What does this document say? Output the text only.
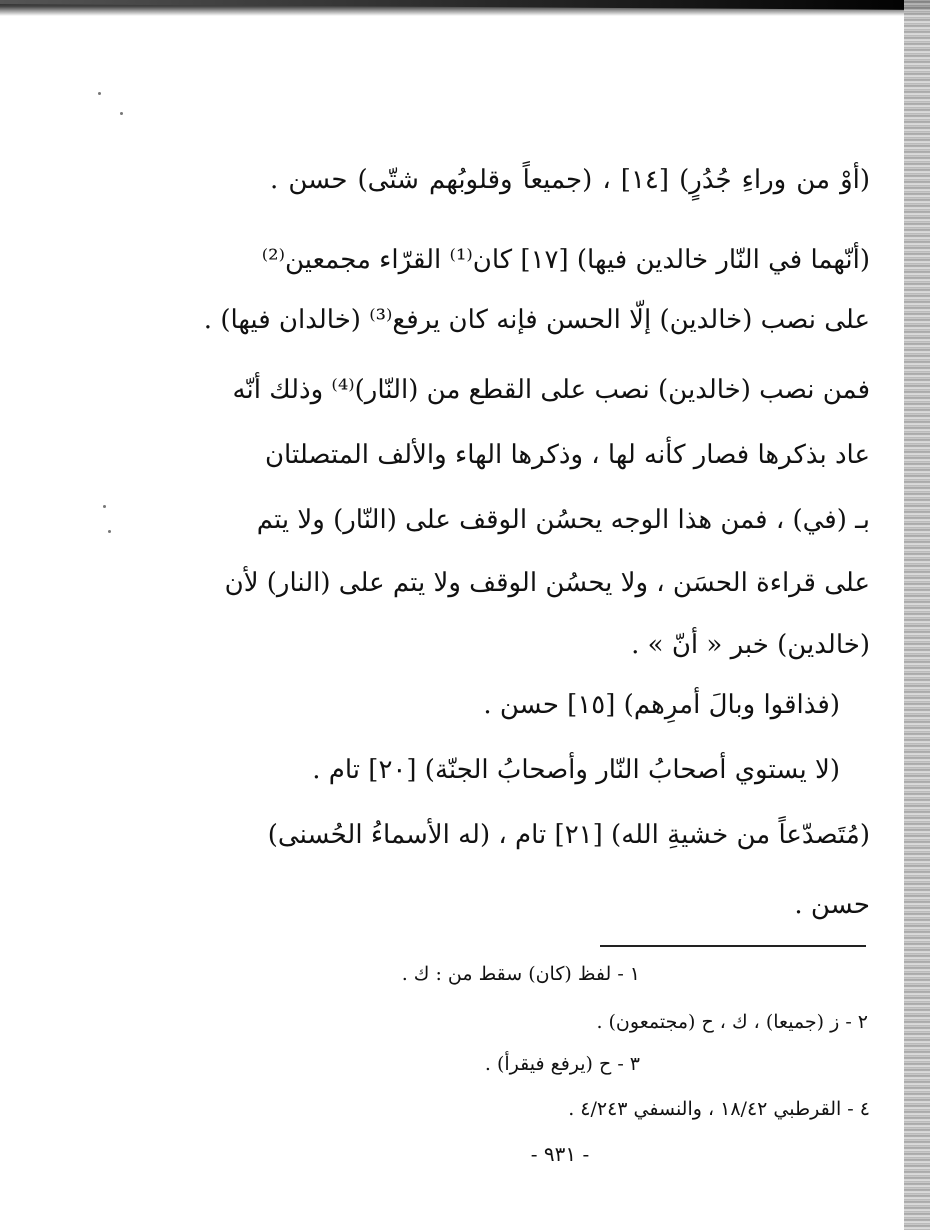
(أوْ من وراءِ جُدُرٍ) [١٤] ، (جميعاً وقلوبُهم شتّى) حسن .
(أنّهما في النّار خالدين فيها) [١٧] كان⁽¹⁾ القرّاء مجمعين⁽²⁾
على نصب (خالدين) إلّا الحسن فإنه كان يرفع⁽³⁾ (خالدان فيها) .
فمن نصب (خالدين) نصب على القطع من (النّار)⁽⁴⁾ وذلك أنّه
عاد بذكرها فصار كأنه لها ، وذكرها الهاء والألف المتصلتان
بـ (في) ، فمن هذا الوجه يحسُن الوقف على (النّار) ولا يتم
على قراءة الحسَن ، ولا يحسُن الوقف ولا يتم على (النار) لأن
(خالدين) خبر « أنّ » .
(فذاقوا وبالَ أمرِهم) [١٥] حسن .
(لا يستوي أصحابُ النّار وأصحابُ الجنّة) [٢٠] تام .
(مُتَصدّعاً من خشيةِ الله) [٢١] تام ، (له الأسماءُ الحُسنى)
حسن .
١ - لفظ (كان) سقط من : ك .
٢ - ز (جميعا) ، ك ، ح (مجتمعون) .
٣ - ح (يرفع فيقرأ) .
٤ - القرطبي ١٨/٤٢ ، والنسفي ٤/٢٤٣ .
- ٩٣١ -
